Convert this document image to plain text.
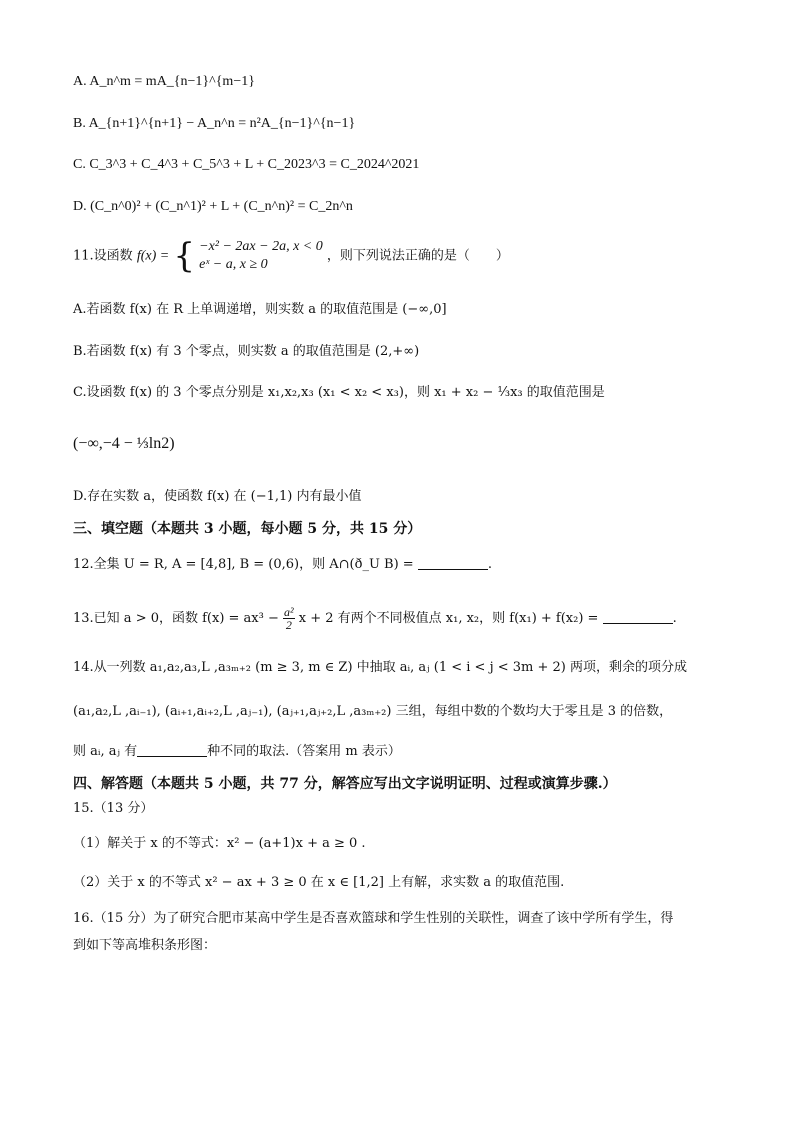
A. A_n^m = mA_{n−1}^{m−1}
B. A_{n+1}^{n+1} − A_n^n = n²A_{n−1}^{n−1}
C. C_3^3 + C_4^3 + C_5^3 + L + C_2023^3 = C_2024^2021
D. (C_n^0)² + (C_n^1)² + L + (C_n^n)² = C_2n^n
11.设函数 f(x) = { −x² − 2ax − 2a, x < 0
eˣ − a, x ≥ 0
，则下列说法正确的是（　　）
A.若函数 f(x) 在 R 上单调递增，则实数 a 的取值范围是 (−∞,0]
B.若函数 f(x) 有 3 个零点，则实数 a 的取值范围是 (2,+∞)
C.设函数 f(x) 的 3 个零点分别是 x₁,x₂,x₃ (x₁ < x₂ < x₃)，则 x₁ + x₂ − ⅓x₃ 的取值范围是
(−∞,−4 − ⅓ln2)
D.存在实数 a，使函数 f(x) 在 (−1,1) 内有最小值
三、填空题（本题共 3 小题，每小题 5 分，共 15 分）
12.全集 U = R, A = [4,8], B = (0,6)，则 A∩(ð_U B) =	.
13.已知 a > 0，函数 $f(x) = ax^3 - \frac{\text{a²}}{2}$ x + 2 有两个不同极值点 x₁, x₂，则 f(x₁) + f(x₂) =	.
14.从一列数 a₁,a₂,a₃,L ,a₃ₘ₊₂ (m ≥ 3, m ∈ Z) 中抽取 aᵢ, aⱼ (1 < i < j < 3m + 2) 两项，剩余的项分成
(a₁,a₂,L ,aᵢ₋₁), (aᵢ₊₁,aᵢ₊₂,L ,aⱼ₋₁), (aⱼ₊₁,aⱼ₊₂,L ,a₃ₘ₊₂) 三组，每组中数的个数均大于零且是 3 的倍数，
则 aᵢ, aⱼ 有	种不同的取法.（答案用 m 表示）
四、解答题（本题共 5 小题，共 77 分，解答应写出文字说明证明、过程或演算步骤.）
15.（13 分）
（1）解关于 x 的不等式：x² − (a+1)x + a ≥ 0 .
（2）关于 x 的不等式 x² − ax + 3 ≥ 0 在 x ∈ [1,2] 上有解，求实数 a 的取值范围.
16.（15 分）为了研究合肥市某高中学生是否喜欢篮球和学生性别的关联性，调查了该中学所有学生，得
到如下等高堆积条形图：
